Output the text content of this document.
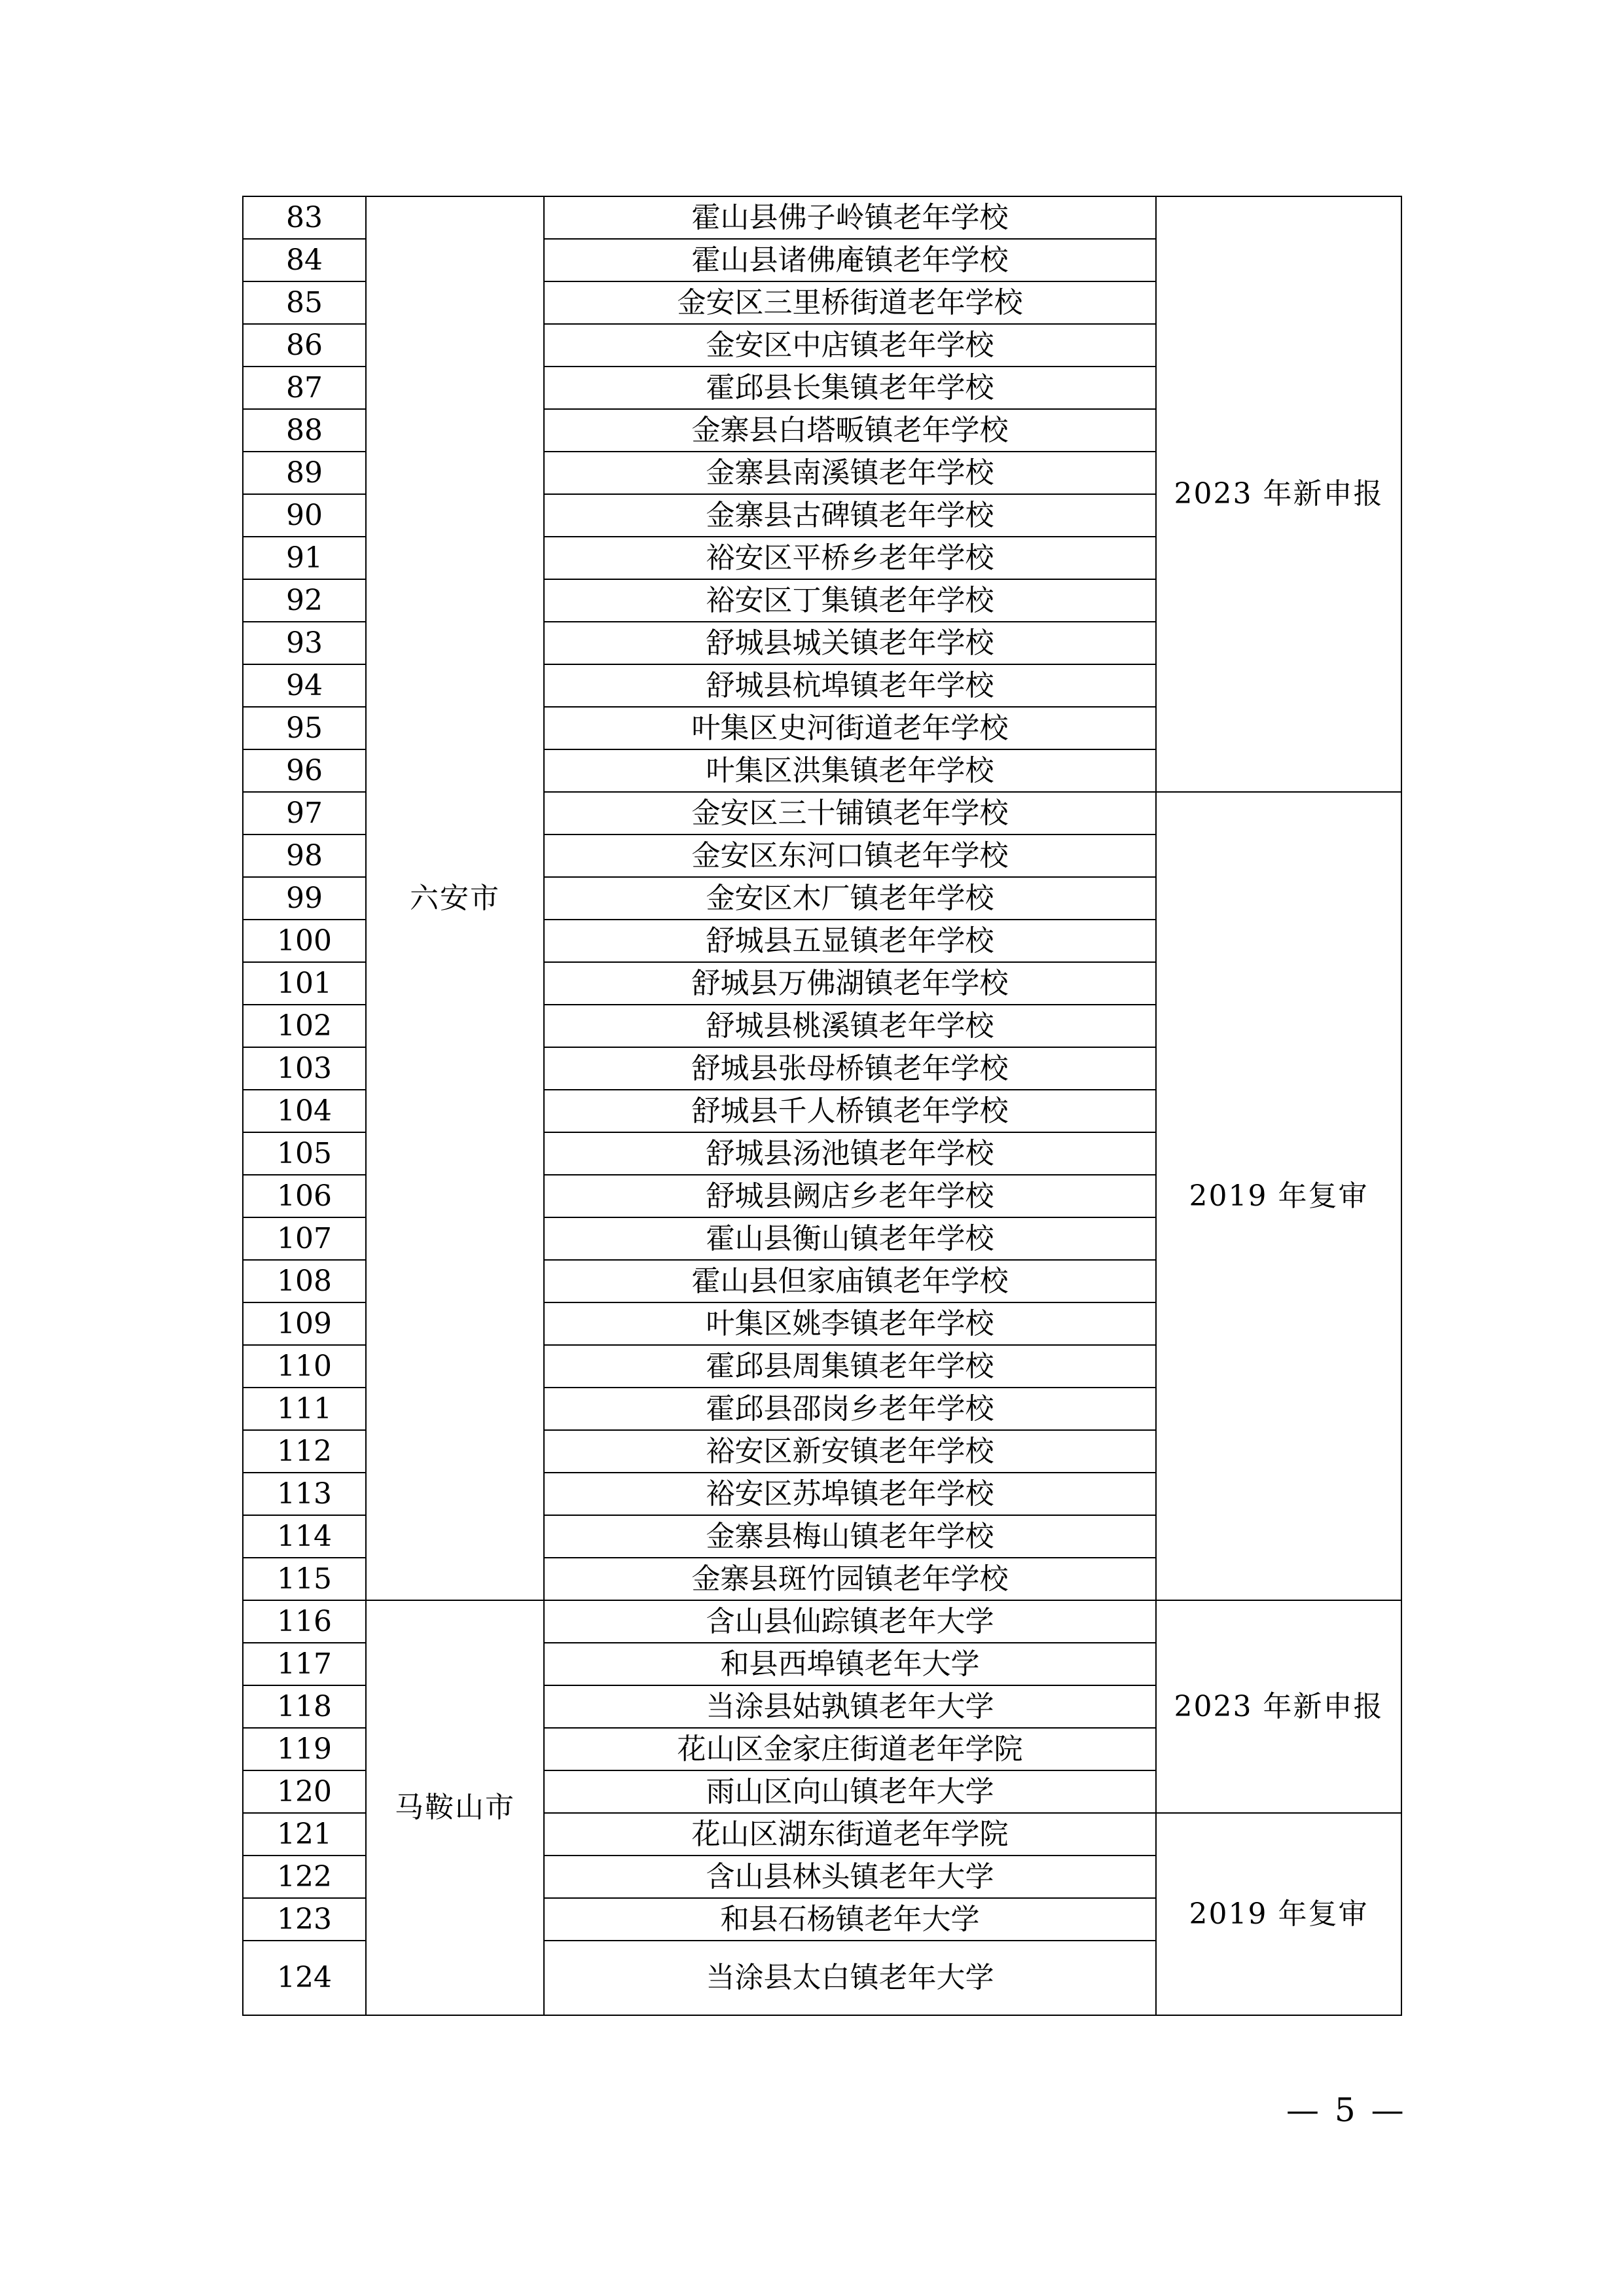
83	六安市	霍山县佛子岭镇老年学校	2023 年新申报
84		霍山县诸佛庵镇老年学校	
85		金安区三里桥街道老年学校	
86		金安区中店镇老年学校	
87		霍邱县长集镇老年学校	
88		金寨县白塔畈镇老年学校	
89		金寨县南溪镇老年学校	
90		金寨县古碑镇老年学校	
91		裕安区平桥乡老年学校	
92		裕安区丁集镇老年学校	
93		舒城县城关镇老年学校	
94		舒城县杭埠镇老年学校	
95		叶集区史河街道老年学校	
96		叶集区洪集镇老年学校	
97		金安区三十铺镇老年学校	2019 年复审
98		金安区东河口镇老年学校	
99		金安区木厂镇老年学校	
100		舒城县五显镇老年学校	
101		舒城县万佛湖镇老年学校	
102		舒城县桃溪镇老年学校	
103		舒城县张母桥镇老年学校	
104		舒城县千人桥镇老年学校	
105		舒城县汤池镇老年学校	
106		舒城县阙店乡老年学校	
107		霍山县衡山镇老年学校	
108		霍山县但家庙镇老年学校	
109		叶集区姚李镇老年学校	
110		霍邱县周集镇老年学校	
111		霍邱县邵岗乡老年学校	
112		裕安区新安镇老年学校	
113		裕安区苏埠镇老年学校	
114		金寨县梅山镇老年学校	
115		金寨县斑竹园镇老年学校	
116	马鞍山市	含山县仙踪镇老年大学	2023 年新申报
117		和县西埠镇老年大学	
118		当涂县姑孰镇老年大学	
119		花山区金家庄街道老年学院	
120		雨山区向山镇老年大学	
121		花山区湖东街道老年学院	2019 年复审
122		含山县林头镇老年大学	
123		和县石杨镇老年大学	
124		当涂县太白镇老年大学	
— 5 —
